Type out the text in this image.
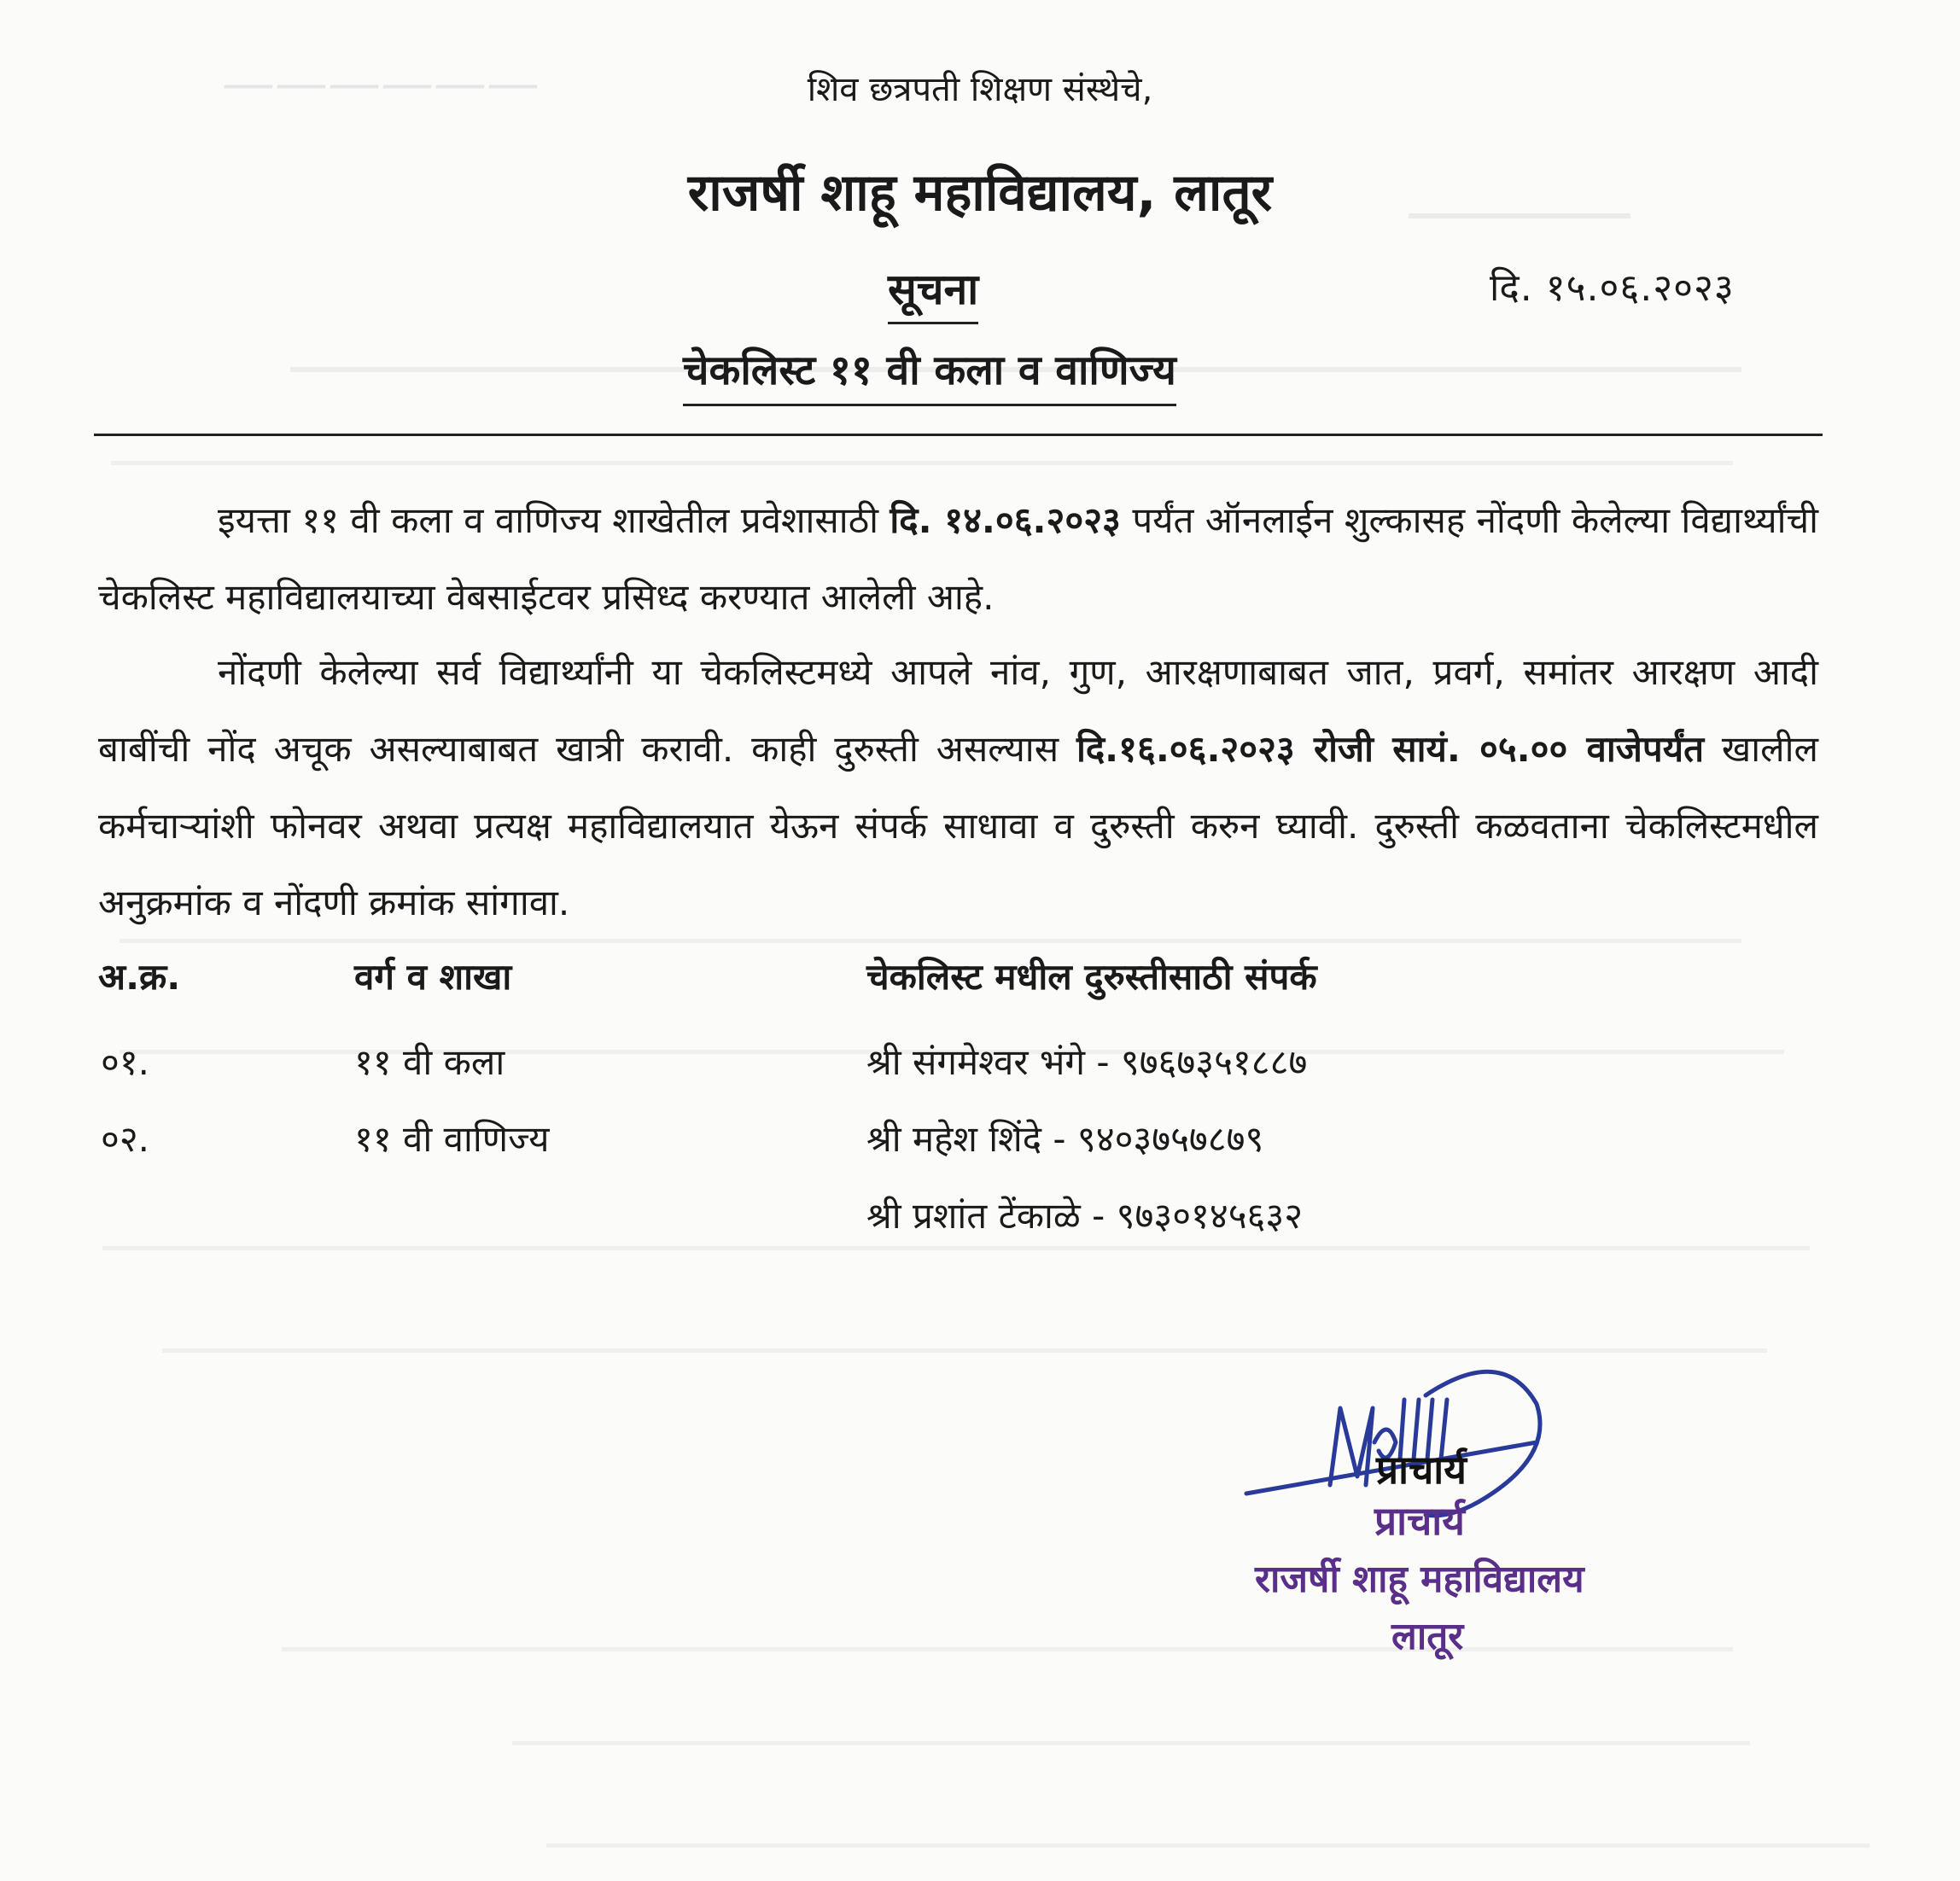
——————	शिव छत्रपती शिक्षण संस्थेचे,
राजर्षी शाहू महाविद्यालय, लातूर
सूचना	दि. १५.०६.२०२३
चेकलिस्ट ११ वी कला व वाणिज्य

इयत्ता ११ वी कला व वाणिज्य शाखेतील प्रवेशासाठी दि. १४.०६.२०२३ पर्यंत ऑनलाईन शुल्कासह नोंदणी केलेल्या विद्यार्थ्यांची चेकलिस्ट महाविद्यालयाच्या वेबसाईटवर प्रसिध्द करण्यात आलेली आहे.

नोंदणी केलेल्या सर्व विद्यार्थ्यांनी या चेकलिस्टमध्ये आपले नांव, गुण, आरक्षणाबाबत जात, प्रवर्ग, समांतर आरक्षण आदी बाबींची नोंद अचूक असल्याबाबत खात्री करावी. काही दुरुस्ती असल्यास दि.१६.०६.२०२३ रोजी सायं. ०५.०० वाजेपर्यंत खालील कर्मचाऱ्यांशी फोनवर अथवा प्रत्यक्ष महाविद्यालयात येऊन संपर्क साधावा व दुरुस्ती करुन घ्यावी. दुरुस्ती कळवताना चेकलिस्टमधील अनुक्रमांक व नोंदणी क्रमांक सांगावा.

अ.क्र.	वर्ग व शाखा	चेकलिस्ट मधील दुरुस्तीसाठी संपर्क
०१.	११ वी कला	श्री संगमेश्वर भंगे - ९७६७३५१८८७
०२.	११ वी वाणिज्य	श्री महेश शिंदे - ९४०३७५७८७९
श्री प्रशांत टेंकाळे - ९७३०१४५६३२
प्राचार्य
प्राचार्य
राजर्षी शाहू महाविद्यालय
लातूर
